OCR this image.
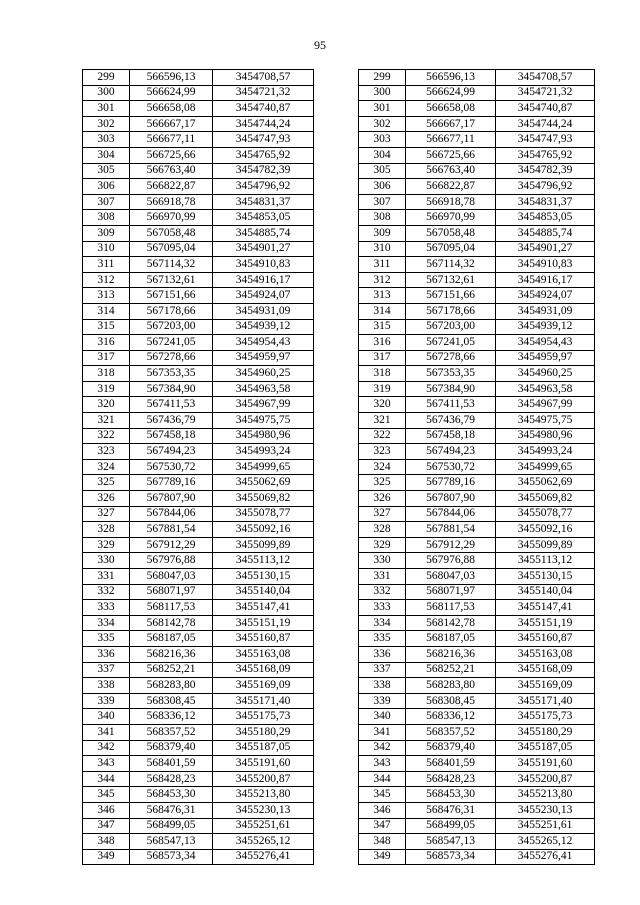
95
299	566596,13	3454708,57
300	566624,99	3454721,32
301	566658,08	3454740,87
302	566667,17	3454744,24
303	566677,11	3454747,93
304	566725,66	3454765,92
305	566763,40	3454782,39
306	566822,87	3454796,92
307	566918,78	3454831,37
308	566970,99	3454853,05
309	567058,48	3454885,74
310	567095,04	3454901,27
311	567114,32	3454910,83
312	567132,61	3454916,17
313	567151,66	3454924,07
314	567178,66	3454931,09
315	567203,00	3454939,12
316	567241,05	3454954,43
317	567278,66	3454959,97
318	567353,35	3454960,25
319	567384,90	3454963,58
320	567411,53	3454967,99
321	567436,79	3454975,75
322	567458,18	3454980,96
323	567494,23	3454993,24
324	567530,72	3454999,65
325	567789,16	3455062,69
326	567807,90	3455069,82
327	567844,06	3455078,77
328	567881,54	3455092,16
329	567912,29	3455099,89
330	567976,88	3455113,12
331	568047,03	3455130,15
332	568071,97	3455140,04
333	568117,53	3455147,41
334	568142,78	3455151,19
335	568187,05	3455160,87
336	568216,36	3455163,08
337	568252,21	3455168,09
338	568283,80	3455169,09
339	568308,45	3455171,40
340	568336,12	3455175,73
341	568357,52	3455180,29
342	568379,40	3455187,05
343	568401,59	3455191,60
344	568428,23	3455200,87
345	568453,30	3455213,80
346	568476,31	3455230,13
347	568499,05	3455251,61
348	568547,13	3455265,12
349	568573,34	3455276,41
299	566596,13	3454708,57
300	566624,99	3454721,32
301	566658,08	3454740,87
302	566667,17	3454744,24
303	566677,11	3454747,93
304	566725,66	3454765,92
305	566763,40	3454782,39
306	566822,87	3454796,92
307	566918,78	3454831,37
308	566970,99	3454853,05
309	567058,48	3454885,74
310	567095,04	3454901,27
311	567114,32	3454910,83
312	567132,61	3454916,17
313	567151,66	3454924,07
314	567178,66	3454931,09
315	567203,00	3454939,12
316	567241,05	3454954,43
317	567278,66	3454959,97
318	567353,35	3454960,25
319	567384,90	3454963,58
320	567411,53	3454967,99
321	567436,79	3454975,75
322	567458,18	3454980,96
323	567494,23	3454993,24
324	567530,72	3454999,65
325	567789,16	3455062,69
326	567807,90	3455069,82
327	567844,06	3455078,77
328	567881,54	3455092,16
329	567912,29	3455099,89
330	567976,88	3455113,12
331	568047,03	3455130,15
332	568071,97	3455140,04
333	568117,53	3455147,41
334	568142,78	3455151,19
335	568187,05	3455160,87
336	568216,36	3455163,08
337	568252,21	3455168,09
338	568283,80	3455169,09
339	568308,45	3455171,40
340	568336,12	3455175,73
341	568357,52	3455180,29
342	568379,40	3455187,05
343	568401,59	3455191,60
344	568428,23	3455200,87
345	568453,30	3455213,80
346	568476,31	3455230,13
347	568499,05	3455251,61
348	568547,13	3455265,12
349	568573,34	3455276,41
